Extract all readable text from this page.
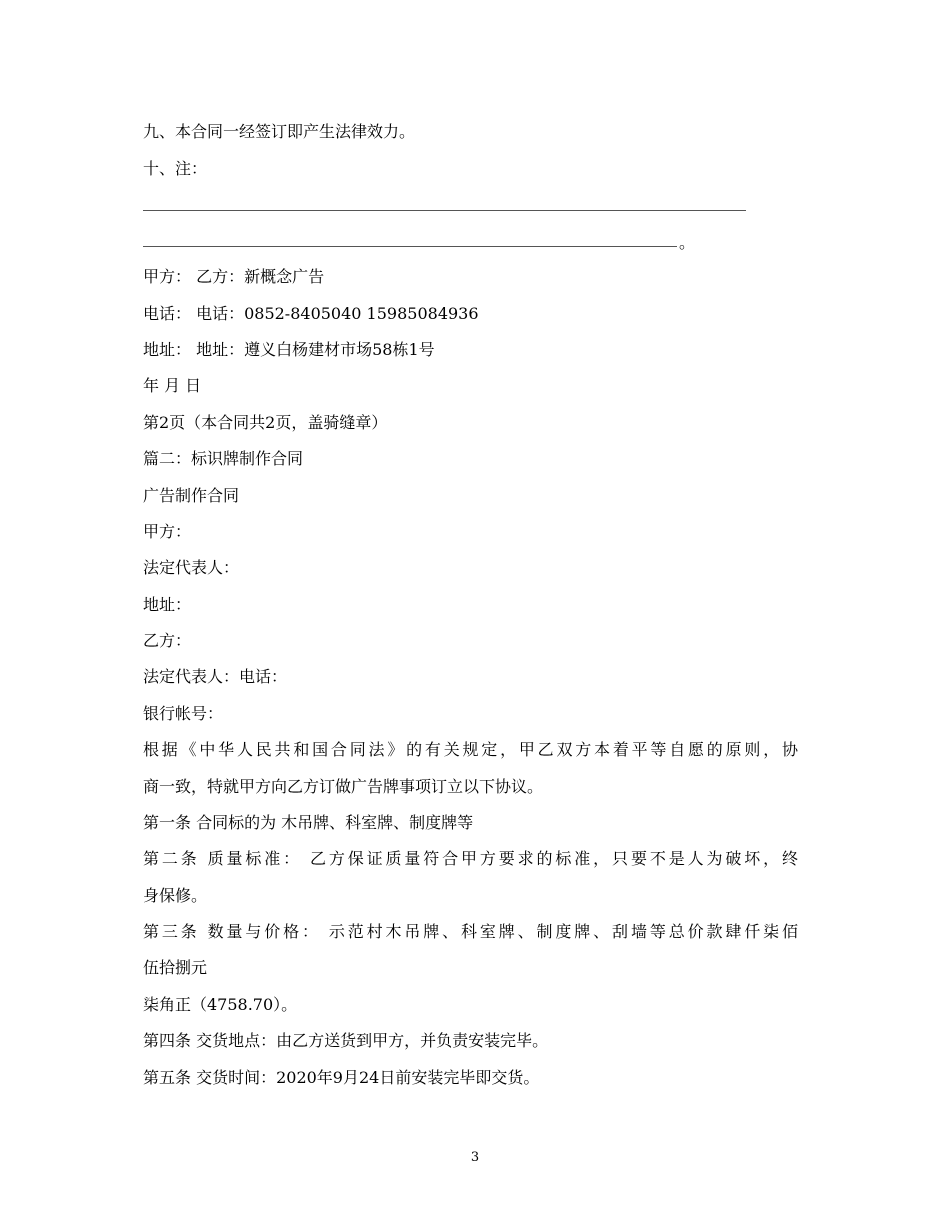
九、本合同一经签订即产生法律效力。
十、注：
。
甲方： 乙方：新概念广告
电话： 电话：0852-8405040 15985084936
地址： 地址：遵义白杨建材市场58栋1号
年 月 日
第2页（本合同共2页，盖骑缝章）
篇二：标识牌制作合同
广告制作合同
甲方：
法定代表人：
地址：
乙方：
法定代表人：电话：
银行帐号：
根据《中华人民共和国合同法》的有关规定，甲乙双方本着平等自愿的原则，协
商一致，特就甲方向乙方订做广告牌事项订立以下协议。
第一条 合同标的为 木吊牌、科室牌、制度牌等
第二条 质量标准： 乙方保证质量符合甲方要求的标准，只要不是人为破坏，终
身保修。
第三条 数量与价格： 示范村木吊牌、科室牌、制度牌、刮墙等总价款肆仟柒佰
伍拾捌元
柒角正（4758.70）。
第四条 交货地点：由乙方送货到甲方，并负责安装完毕。
第五条 交货时间：2020年9月24日前安装完毕即交货。
3
